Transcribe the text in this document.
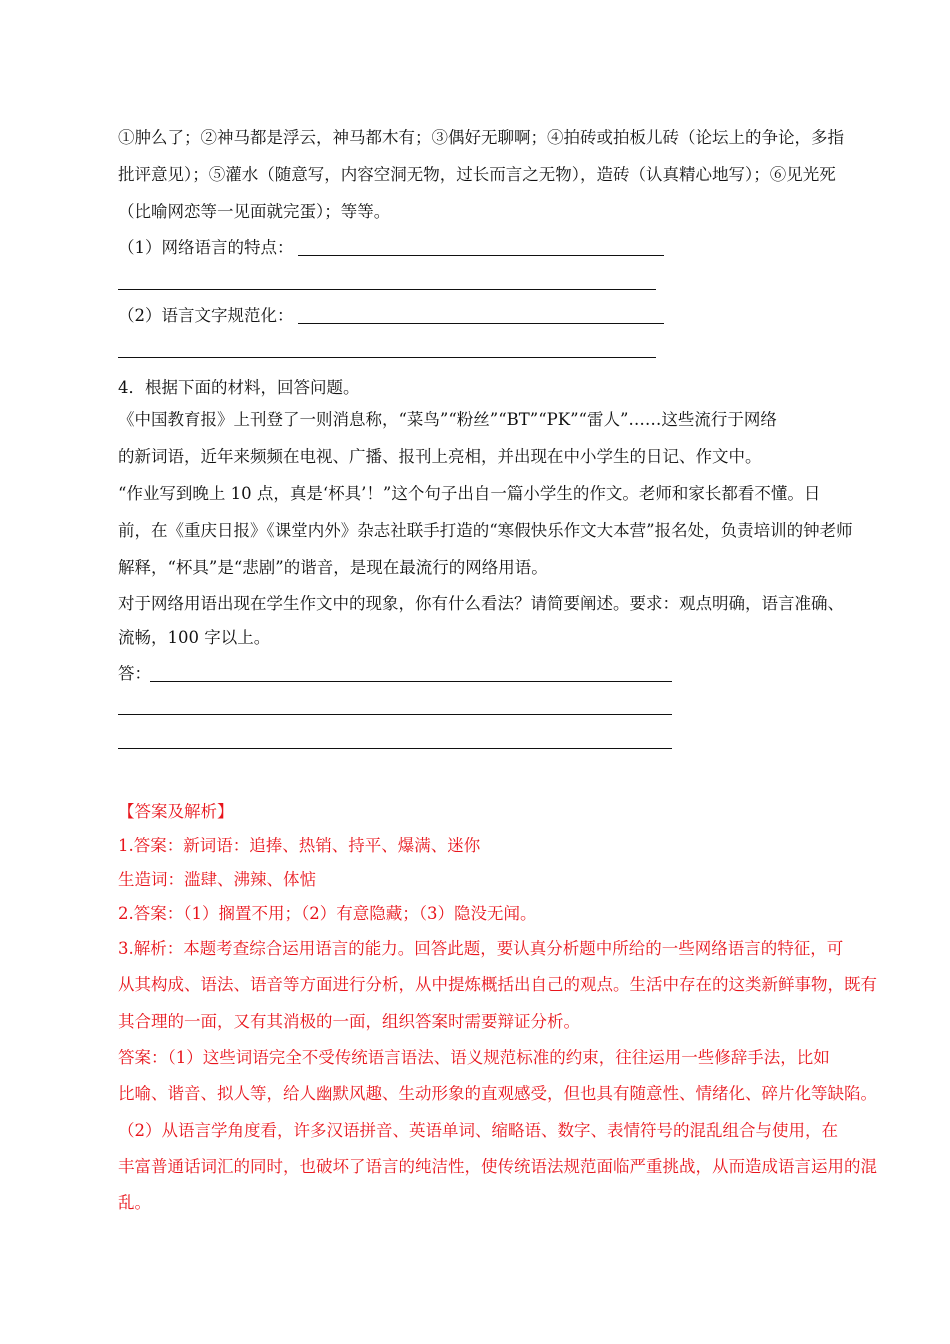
①肿么了；②神马都是浮云，神马都木有；③偶好无聊啊；④拍砖或拍板儿砖（论坛上的争论，多指
批评意见）；⑤灌水（随意写，内容空洞无物，过长而言之无物），造砖（认真精心地写）；⑥见光死
（比喻网恋等一见面就完蛋）；等等。
（1）网络语言的特点：
（2）语言文字规范化：
4．根据下面的材料，回答问题。
《中国教育报》上刊登了一则消息称，“菜鸟”“粉丝”“BT”“PK”“雷人”……这些流行于网络
的新词语，近年来频频在电视、广播、报刊上亮相，并出现在中小学生的日记、作文中。
“作业写到晚上 10 点，真是‘杯具’！”这个句子出自一篇小学生的作文。老师和家长都看不懂。日
前，在《重庆日报》《课堂内外》杂志社联手打造的“寒假快乐作文大本营”报名处，负责培训的钟老师
解释，“杯具”是“悲剧”的谐音，是现在最流行的网络用语。
对于网络用语出现在学生作文中的现象，你有什么看法？请简要阐述。要求：观点明确，语言准确、
流畅，100 字以上。
答：
【答案及解析】
1.答案：新词语：追捧、热销、持平、爆满、迷你
生造词：滥肆、沸辣、体惦
2.答案：（1）搁置不用；（2）有意隐藏；（3）隐没无闻。
3.解析：本题考查综合运用语言的能力。回答此题，要认真分析题中所给的一些网络语言的特征，可
从其构成、语法、语音等方面进行分析，从中提炼概括出自己的观点。生活中存在的这类新鲜事物，既有
其合理的一面，又有其消极的一面，组织答案时需要辩证分析。
答案：（1）这些词语完全不受传统语言语法、语义规范标准的约束，往往运用一些修辞手法，比如
比喻、谐音、拟人等，给人幽默风趣、生动形象的直观感受，但也具有随意性、情绪化、碎片化等缺陷。
（2）从语言学角度看，许多汉语拼音、英语单词、缩略语、数字、表情符号的混乱组合与使用，在
丰富普通话词汇的同时，也破坏了语言的纯洁性，使传统语法规范面临严重挑战，从而造成语言运用的混
乱。
